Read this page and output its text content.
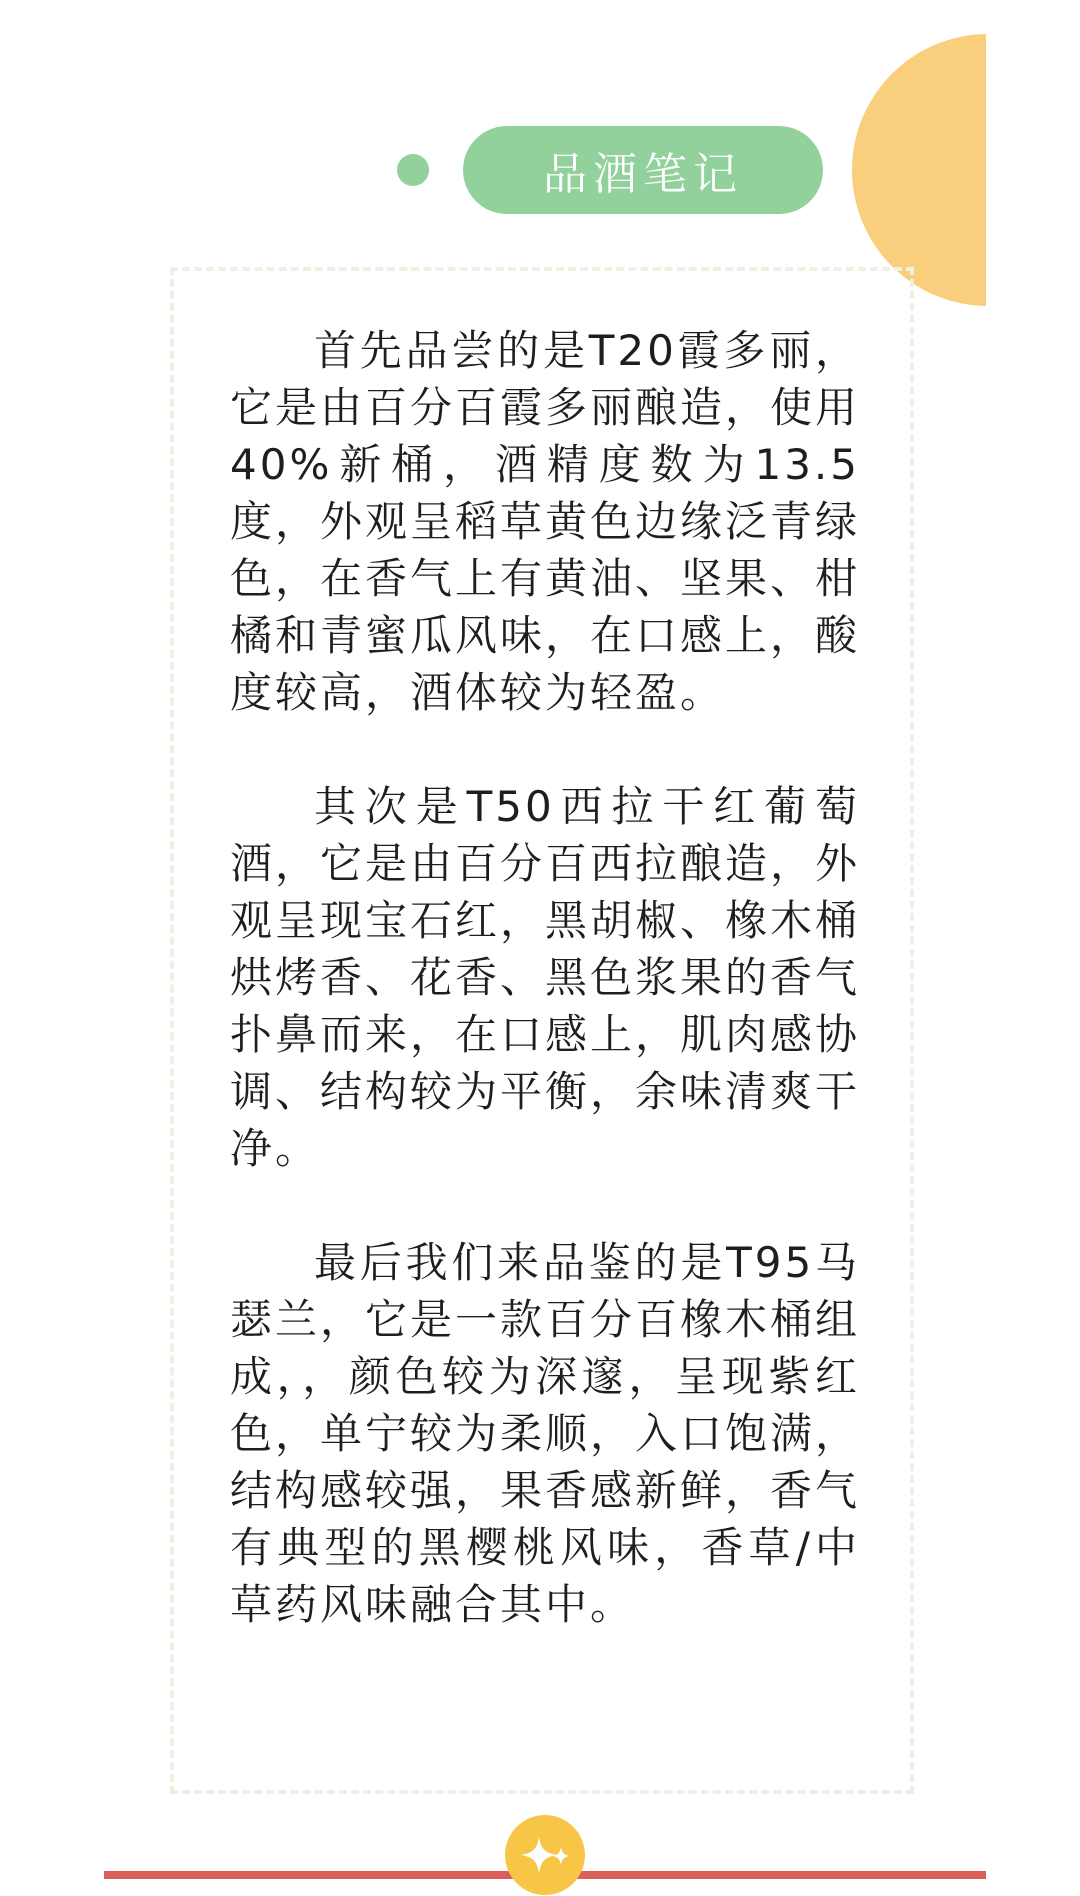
品酒笔记

首先品尝的是T20霞多丽，它是由百分百霞多丽酿造，使用40%新桶，酒精度数为13.5度，外观呈稻草黄色边缘泛青绿色，在香气上有黄油、坚果、柑橘和青蜜瓜风味，在口感上，酸度较高，酒体较为轻盈。

其次是T50西拉干红葡萄酒，它是由百分百西拉酿造，外观呈现宝石红，黑胡椒、橡木桶烘烤香、花香、黑色浆果的香气扑鼻而来，在口感上，肌肉感协调、结构较为平衡，余味清爽干净。

最后我们来品鉴的是T95马瑟兰，它是一款百分百橡木桶组成，，颜色较为深邃，呈现紫红色，单宁较为柔顺，入口饱满，结构感较强，果香感新鲜，香气有典型的黑樱桃风味，香草/中草药风味融合其中。
